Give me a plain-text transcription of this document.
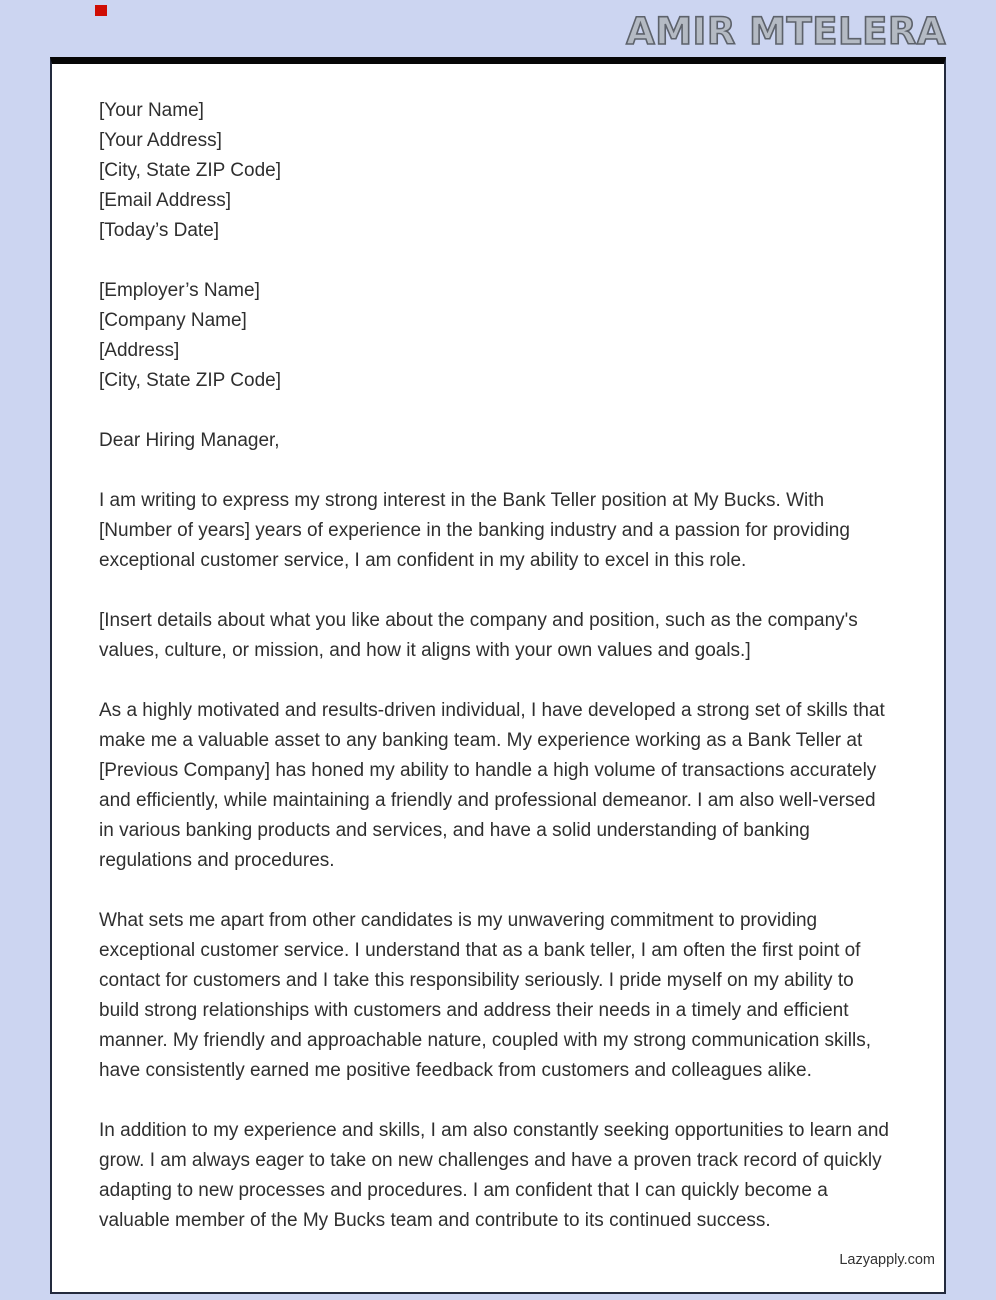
AMIR MTELERA
[Your Name]
[Your Address]
[City, State ZIP Code]
[Email Address]
[Today’s Date]
[Employer’s Name]
[Company Name]
[Address]
[City, State ZIP Code]
Dear Hiring Manager,

I am writing to express my strong interest in the Bank Teller position at My Bucks. With [Number of years] years of experience in the banking industry and a passion for providing exceptional customer service, I am confident in my ability to excel in this role.

[Insert details about what you like about the company and position, such as the company's values, culture, or mission, and how it aligns with your own values and goals.]

As a highly motivated and results-driven individual, I have developed a strong set of skills that make me a valuable asset to any banking team. My experience working as a Bank Teller at [Previous Company] has honed my ability to handle a high volume of transactions accurately and efficiently, while maintaining a friendly and professional demeanor. I am also well-versed in various banking products and services, and have a solid understanding of banking regulations and procedures.

What sets me apart from other candidates is my unwavering commitment to providing exceptional customer service. I understand that as a bank teller, I am often the first point of contact for customers and I take this responsibility seriously. I pride myself on my ability to build strong relationships with customers and address their needs in a timely and efficient manner. My friendly and approachable nature, coupled with my strong communication skills, have consistently earned me positive feedback from customers and colleagues alike.

In addition to my experience and skills, I am also constantly seeking opportunities to learn and grow. I am always eager to take on new challenges and have a proven track record of quickly adapting to new processes and procedures. I am confident that I can quickly become a valuable member of the My Bucks team and contribute to its continued success.

Lazyapply.com
